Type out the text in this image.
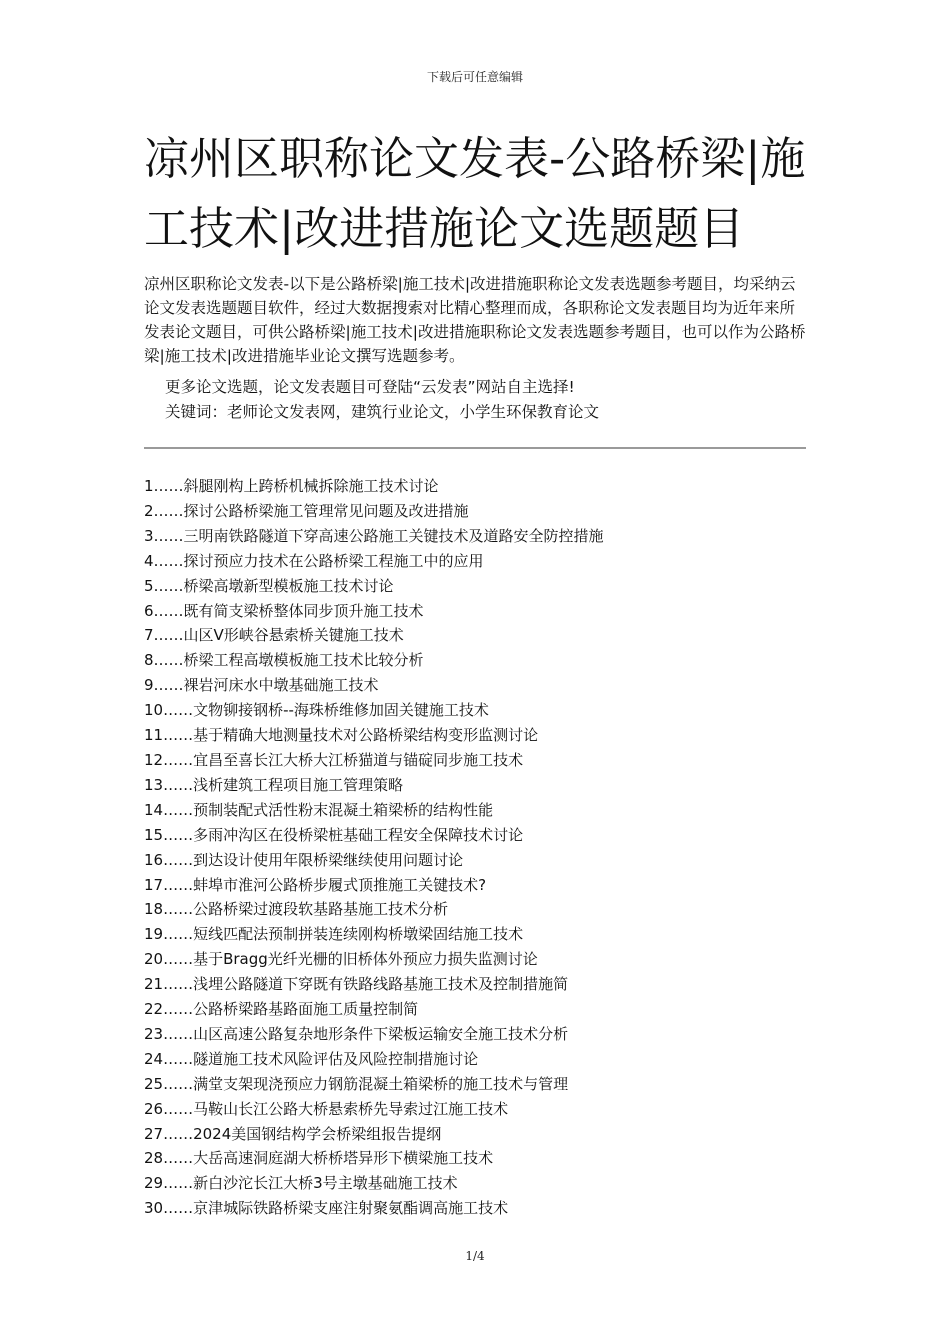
下载后可任意编辑
凉州区职称论文发表-公路桥梁|施工技术|改进措施论文选题题目

凉州区职称论文发表-以下是公路桥梁|施工技术|改进措施职称论文发表选题参考题目，均采纳云论文发表选题题目软件，经过大数据搜索对比精心整理而成，各职称论文发表题目均为近年来所发表论文题目，可供公路桥梁|施工技术|改进措施职称论文发表选题参考题目，也可以作为公路桥梁|施工技术|改进措施毕业论文撰写选题参考。

更多论文选题，论文发表题目可登陆“云发表”网站自主选择!

关键词：老师论文发表网，建筑行业论文，小学生环保教育论文

1……斜腿刚构上跨桥机械拆除施工技术讨论
2……探讨公路桥梁施工管理常见问题及改进措施
3……三明南铁路隧道下穿高速公路施工关键技术及道路安全防控措施
4……探讨预应力技术在公路桥梁工程施工中的应用
5……桥梁高墩新型模板施工技术讨论
6……既有简支梁桥整体同步顶升施工技术
7……山区Ⅴ形峡谷悬索桥关键施工技术
8……桥梁工程高墩模板施工技术比较分析
9……裸岩河床水中墩基础施工技术
10……文物铆接钢桥--海珠桥维修加固关键施工技术
11……基于精确大地测量技术对公路桥梁结构变形监测讨论
12……宜昌至喜长江大桥大江桥猫道与锚碇同步施工技术
13……浅析建筑工程项目施工管理策略
14……预制装配式活性粉末混凝土箱梁桥的结构性能
15……多雨冲沟区在役桥梁桩基础工程安全保障技术讨论
16……到达设计使用年限桥梁继续使用问题讨论
17……蚌埠市淮河公路桥步履式顶推施工关键技术?
18……公路桥梁过渡段软基路基施工技术分析
19……短线匹配法预制拼装连续刚构桥墩梁固结施工技术
20……基于Bragg光纤光栅的旧桥体外预应力损失监测讨论
21……浅埋公路隧道下穿既有铁路线路基施工技术及控制措施简
22……公路桥梁路基路面施工质量控制简
23……山区高速公路复杂地形条件下梁板运输安全施工技术分析
24……隧道施工技术风险评估及风险控制措施讨论
25……满堂支架现浇预应力钢筋混凝土箱梁桥的施工技术与管理
26……马鞍山长江公路大桥悬索桥先导索过江施工技术
27……2024美国钢结构学会桥梁组报告提纲
28……大岳高速洞庭湖大桥桥塔异形下横梁施工技术
29……新白沙沱长江大桥3号主墩基础施工技术
30……京津城际铁路桥梁支座注射聚氨酯调高施工技术
1/4
